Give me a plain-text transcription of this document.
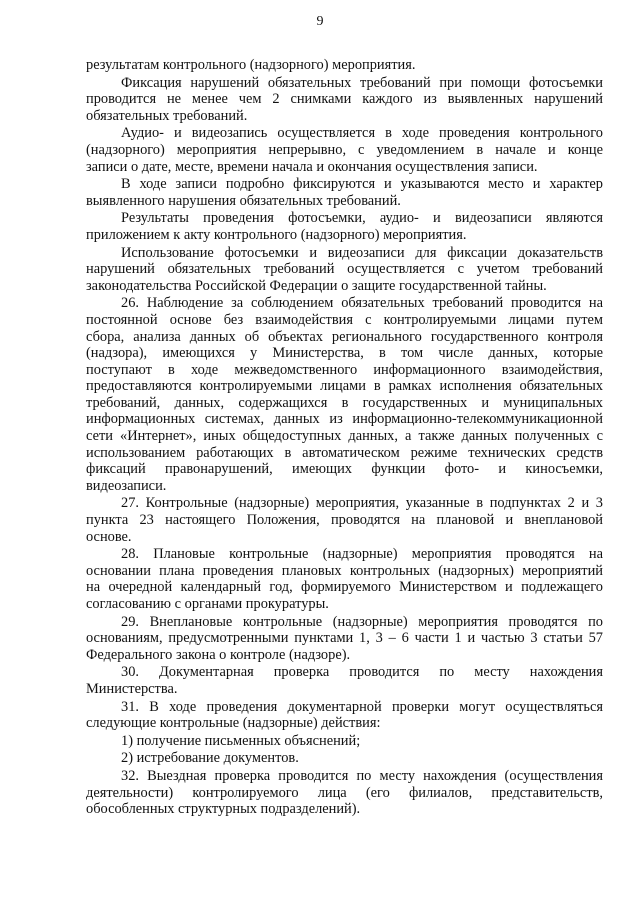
9
результатам контрольного (надзорного) мероприятия.
Фиксация нарушений обязательных требований при помощи фотосъемки
проводится не менее чем 2 снимками каждого из выявленных нарушений
обязательных требований.
Аудио- и видеозапись осуществляется в ходе проведения контрольного
(надзорного) мероприятия непрерывно, с уведомлением в начале и конце
записи о дате, месте, времени начала и окончания осуществления записи.
В ходе записи подробно фиксируются и указываются место и характер
выявленного нарушения обязательных требований.
Результаты проведения фотосъемки, аудио- и видеозаписи являются
приложением к акту контрольного (надзорного) мероприятия.
Использование фотосъемки и видеозаписи для фиксации доказательств
нарушений обязательных требований осуществляется с учетом требований
законодательства Российской Федерации о защите государственной тайны.
26. Наблюдение за соблюдением обязательных требований проводится на
постоянной основе без взаимодействия с контролируемыми лицами путем
сбора, анализа данных об объектах регионального государственного контроля
(надзора), имеющихся у Министерства, в том числе данных, которые
поступают в ходе межведомственного информационного взаимодействия,
предоставляются контролируемыми лицами в рамках исполнения обязательных
требований, данных, содержащихся в государственных и муниципальных
информационных системах, данных из информационно-телекоммуникационной
сети «Интернет», иных общедоступных данных, а также данных полученных с
использованием работающих в автоматическом режиме технических средств
фиксаций правонарушений, имеющих функции фото- и киносъемки,
видеозаписи.
27. Контрольные (надзорные) мероприятия, указанные в подпунктах 2 и 3
пункта 23 настоящего Положения, проводятся на плановой и внеплановой
основе.
28. Плановые контрольные (надзорные) мероприятия проводятся на
основании плана проведения плановых контрольных (надзорных) мероприятий
на очередной календарный год, формируемого Министерством и подлежащего
согласованию с органами прокуратуры.
29. Внеплановые контрольные (надзорные) мероприятия проводятся по
основаниям, предусмотренными пунктами 1, 3 – 6 части 1 и частью 3 статьи 57
Федерального закона о контроле (надзоре).
30. Документарная проверка проводится по месту нахождения
Министерства.
31. В ходе проведения документарной проверки могут осуществляться
следующие контрольные (надзорные) действия:
1) получение письменных объяснений;
2) истребование документов.
32. Выездная проверка проводится по месту нахождения (осуществления
деятельности) контролируемого лица (его филиалов, представительств,
обособленных структурных подразделений).
